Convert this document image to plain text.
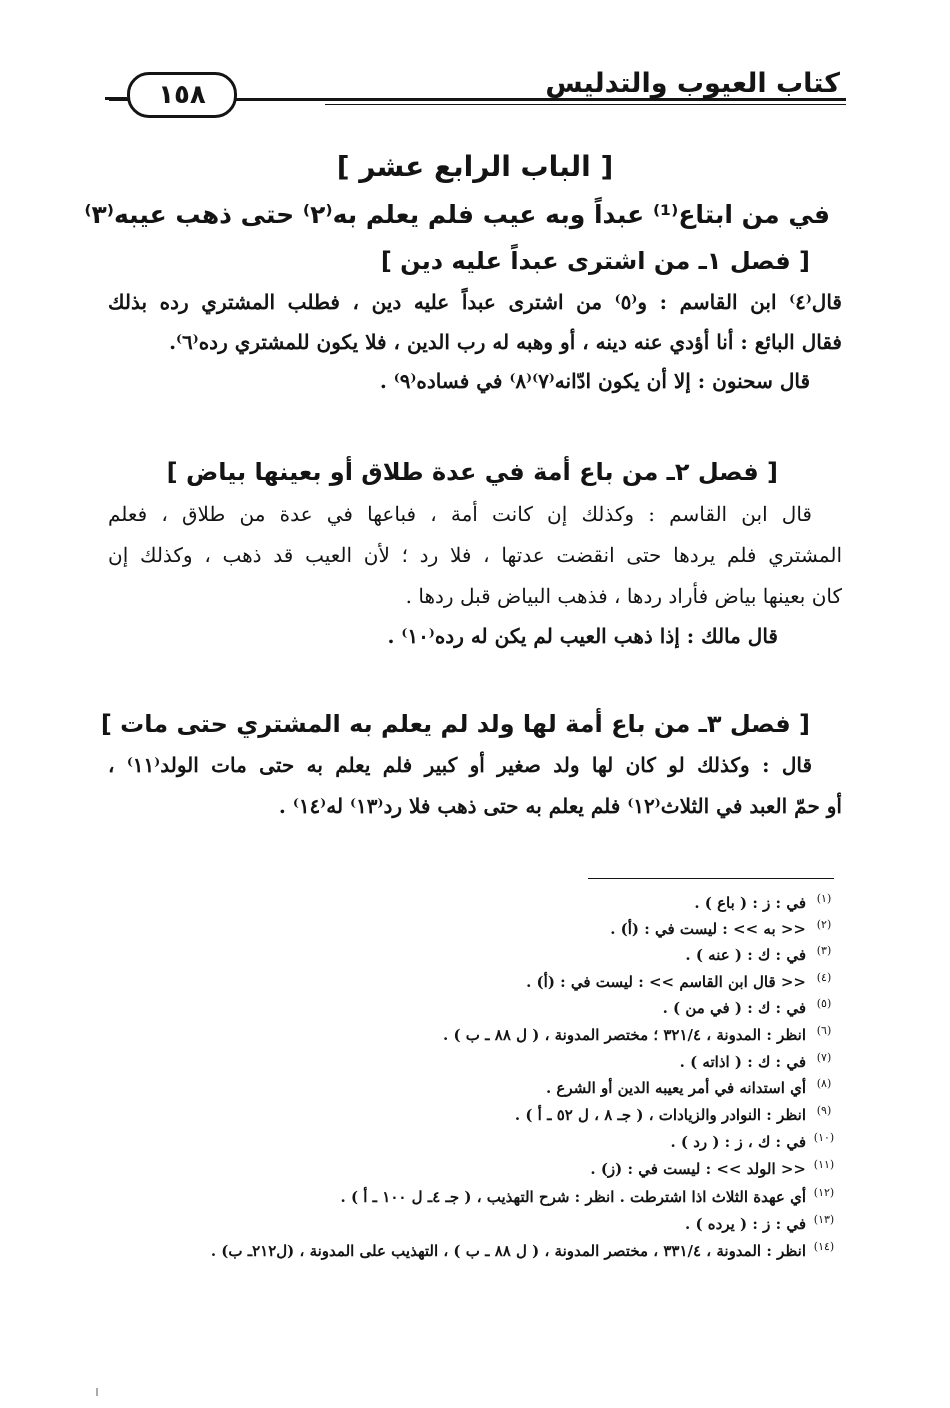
كتاب العيوب والتدليس
١٥٨
[ الباب الرابع عشر ]
في من ابتاع⁽¹⁾ عبداً وبه عيب فلم يعلم به⁽٢⁾ حتى ذهب عيبه⁽٣⁾
[ فصل ١ـ من اشترى عبداً عليه دين ]
قال⁽٤⁾ ابن القاسم : و⁽٥⁾ من اشترى عبداً عليه دين ، فطلب المشتري رده بذلك
فقال البائع : أنا أؤدي عنه دينه ، أو وهبه له رب الدين ، فلا يكون للمشتري رده⁽٦⁾.
قال سحنون : إلا أن يكون ادّانه⁽٧⁾⁽٨⁾ في فساده⁽٩⁾ .
[ فصل ٢ـ من باع أمة في عدة طلاق أو بعينها بياض ]
قال ابن القاسم : وكذلك إن كانت أمة ، فباعها في عدة من طلاق ، فعلم
المشتري فلم يردها حتى انقضت عدتها ، فلا رد ؛ لأن العيب قد ذهب ، وكذلك إن
كان بعينها بياض فأراد ردها ، فذهب البياض قبل ردها .
قال مالك : إذا ذهب العيب لم يكن له رده⁽١٠⁾ .
[ فصل ٣ـ من باع أمة لها ولد لم يعلم به المشتري حتى مات ]
قال : وكذلك لو كان لها ولد صغير أو كبير فلم يعلم به حتى مات الولد⁽١١⁾ ،
أو حمّ العبد في الثلاث⁽١٢⁾ فلم يعلم به حتى ذهب فلا رد⁽١٣⁾ له⁽١٤⁾ .
(١)في : ز : ( باع ) .
(٢)<< به >> : ليست في : (أ) .
(٣)في : ك : ( عنه ) .
(٤)<< قال ابن القاسم >> : ليست في : (أ) .
(٥)في : ك : ( في من ) .
(٦)انظر : المدونة ، ٣٢١/٤ ؛ مختصر المدونة ، ( ل ٨٨ ـ ب ) .
(٧)في : ك : ( اذاته ) .
(٨)أي استدانه في أمر يعيبه الدين أو الشرع .
(٩)انظر : النوادر والزيادات ، ( جـ ٨ ، ل ٥٢ ـ أ ) .
(١٠)في : ك ، ز : ( رد ) .
(١١)<< الولد >> : ليست في : (ز) .
(١٢)أي عهدة الثلاث اذا اشترطت . انظر : شرح التهذيب ، ( جـ ٤ـ ل ١٠٠ ـ أ ) .
(١٣)في : ز : ( يرده ) .
(١٤)انظر : المدونة ، ٣٣١/٤ ، مختصر المدونة ، ( ل ٨٨ ـ ب ) ، التهذيب على المدونة ، (ل٢١٢ـ ب) .
